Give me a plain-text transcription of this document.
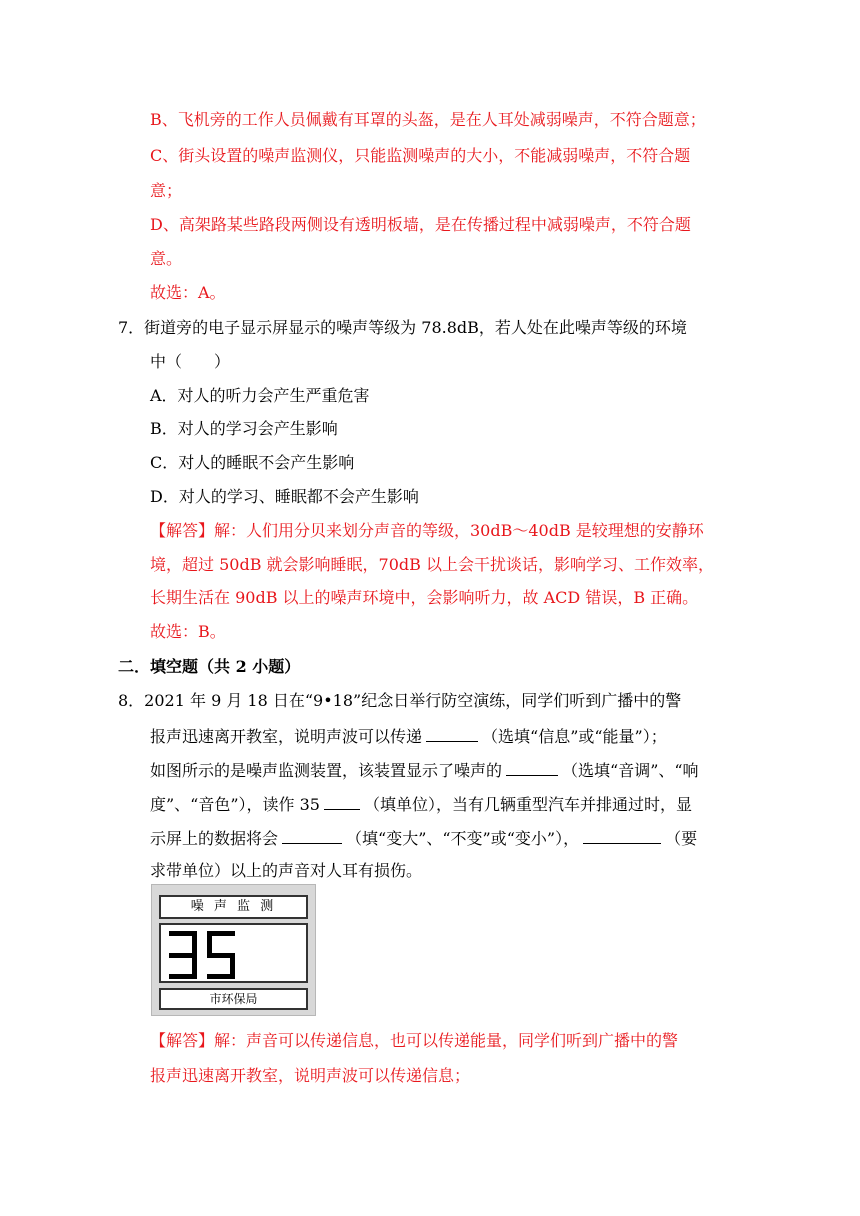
B、飞机旁的工作人员佩戴有耳罩的头盔，是在人耳处减弱噪声，不符合题意；
C、街头设置的噪声监测仪，只能监测噪声的大小，不能减弱噪声，不符合题
意；
D、高架路某些路段两侧设有透明板墙，是在传播过程中减弱噪声，不符合题
意。
故选：A。
7．街道旁的电子显示屏显示的噪声等级为 78.8dB，若人处在此噪声等级的环境
中（　　）
A．对人的听力会产生严重危害
B．对人的学习会产生影响
C．对人的睡眠不会产生影响
D．对人的学习、睡眠都不会产生影响
【解答】解：人们用分贝来划分声音的等级，30dB～40dB 是较理想的安静环
境，超过 50dB 就会影响睡眠，70dB 以上会干扰谈话，影响学习、工作效率，
长期生活在 90dB 以上的噪声环境中，会影响听力，故 ACD 错误，B 正确。
故选：B。
二．填空题（共 2 小题）
8．2021 年 9 月 18 日在“9•18”纪念日举行防空演练，同学们听到广播中的警
报声迅速离开教室，说明声波可以传递	（选填“信息”或“能量”）；
如图所示的是噪声监测装置，该装置显示了噪声的	（选填“音调”、“响
度”、“音色”），读作 35	（填单位），当有几辆重型汽车并排通过时，显
示屏上的数据将会	（填“变大”、“不变”或“变小”），	（要
求带单位）以上的声音对人耳有损伤。
噪 声 监 测
市环保局
【解答】解：声音可以传递信息，也可以传递能量，同学们听到广播中的警
报声迅速离开教室，说明声波可以传递信息；
